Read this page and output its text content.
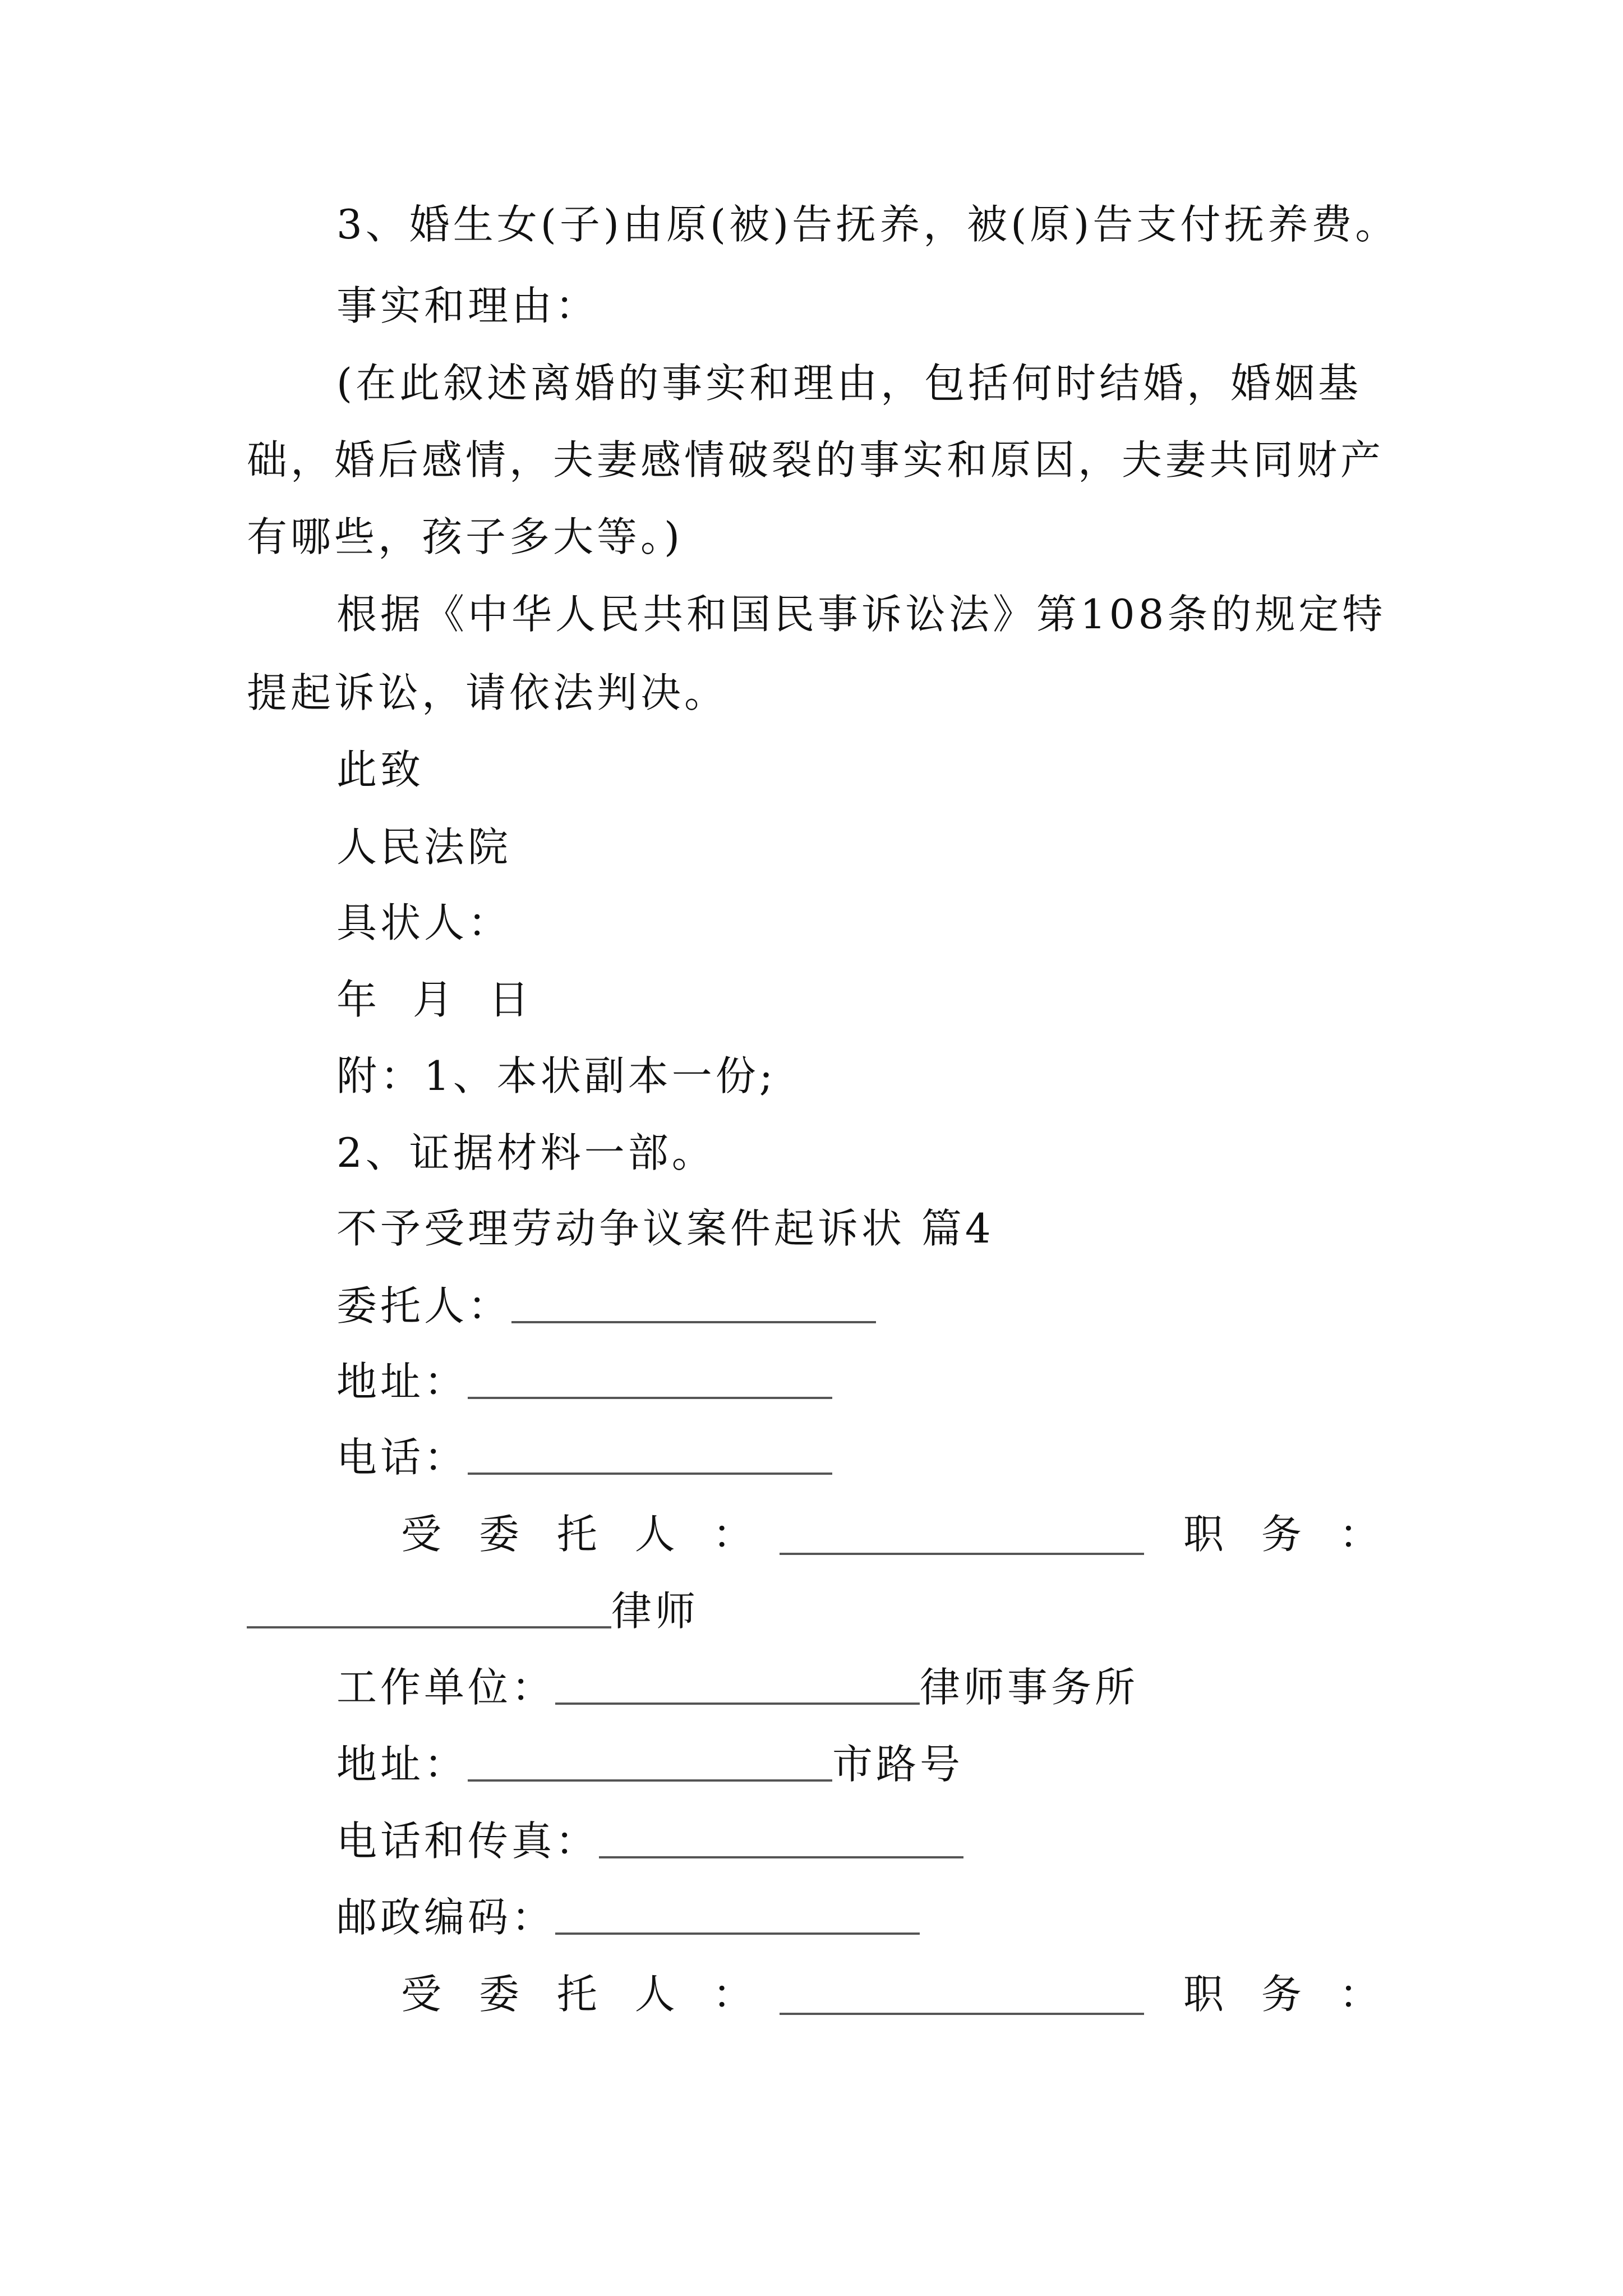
3、婚生女(子)由原(被)告抚养，被(原)告支付抚养费。
事实和理由：
(在此叙述离婚的事实和理由，包括何时结婚，婚姻基
础，婚后感情，夫妻感情破裂的事实和原因，夫妻共同财产
有哪些，孩子多大等。)
根据《中华人民共和国民事诉讼法》第108条的规定特
提起诉讼，请依法判决。
此致
人民法院
具状人：
年  月  日
附：1、本状副本一份;
2、证据材料一部。
不予受理劳动争议案件起诉状 篇4
委托人：
地址：
电话：
受 委 托 人 ：	职 务 ：
律师
工作单位：	律师事务所
地址：	市路号
电话和传真：
邮政编码：
受 委 托 人 ：	职 务 ：
